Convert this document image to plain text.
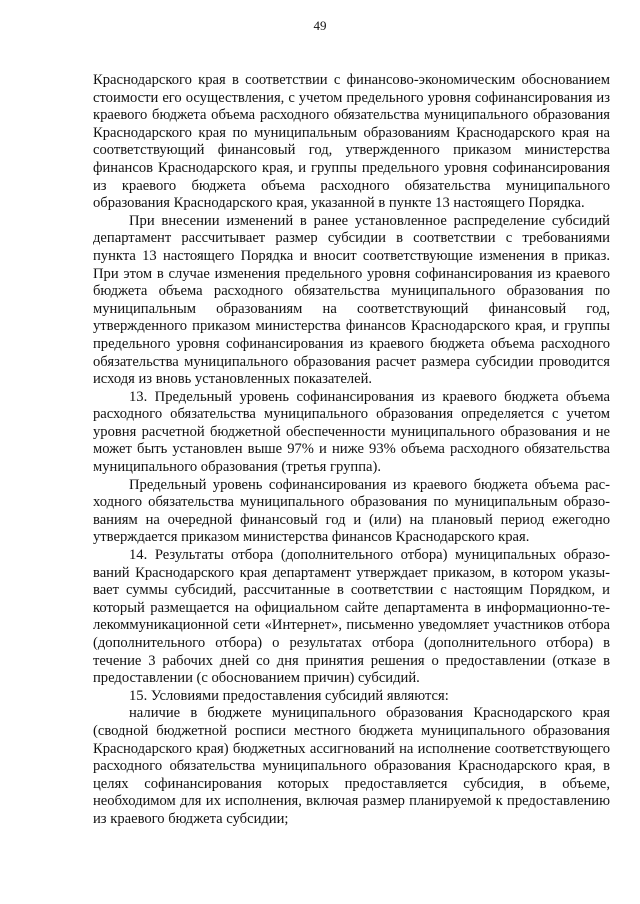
49

Краснодарского края в соответствии с финансово-экономическим обоснованием стоимости его осуществления, с учетом предельного уровня софинансирования из краевого бюджета объема расходного обязательства муниципального образования Краснодарского края по муниципальным образованиям Краснодарского края на соответствующий финансовый год, утвержденного приказом министерства финансов Краснодарского края, и группы предельного уровня софинансирования из краевого бюджета объема расходного обязательства муниципального образования Краснодарского края, указанной в пункте 13 настоящего Порядка.

При внесении изменений в ранее установленное распределение субсидий департамент рассчитывает размер субсидии в соответствии с требованиями пункта 13 настоящего Порядка и вносит соответствующие изменения в приказ. При этом в случае изменения предельного уровня софинансирования из краевого бюджета объема расходного обязательства муниципального образования по муниципальным образованиям на соответствующий финансовый год, утвержденного приказом министерства финансов Краснодарского края, и группы предельного уровня софинансирования из краевого бюджета объема расходного обязательства муниципального образования расчет размера субсидии проводится исходя из вновь установленных показателей.

13. Предельный уровень софинансирования из краевого бюджета объема расходного обязательства муниципального образования определяется с учетом уровня расчетной бюджетной обеспеченности муниципального образования и не может быть установлен выше 97% и ниже 93% объема расходного обязательства муниципального образования (третья группа).

Предельный уровень софинансирования из краевого бюджета объема расходного обязательства муниципального образования по муниципальным образованиям на очередной финансовый год и (или) на плановый период ежегодно утверждается приказом министерства финансов Краснодарского края.

14. Результаты отбора (дополнительного отбора) муниципальных образований Краснодарского края департамент утверждает приказом, в котором указывает суммы субсидий, рассчитанные в соответствии с настоящим Порядком, и который размещается на официальном сайте департамента в информационно-телекоммуникационной сети «Интернет», письменно уведомляет участников отбора (дополнительного отбора) о результатах отбора (дополнительного отбора) в течение 3 рабочих дней со дня принятия решения о предоставлении (отказе в предоставлении (с обоснованием причин) субсидий.

15. Условиями предоставления субсидий являются:

наличие в бюджете муниципального образования Краснодарского края (сводной бюджетной росписи местного бюджета муниципального образования Краснодарского края) бюджетных ассигнований на исполнение соответствующего расходного обязательства муниципального образования Краснодарского края, в целях софинансирования которых предоставляется субсидия, в объеме, необходимом для их исполнения, включая размер планируемой к предоставлению из краевого бюджета субсидии;
